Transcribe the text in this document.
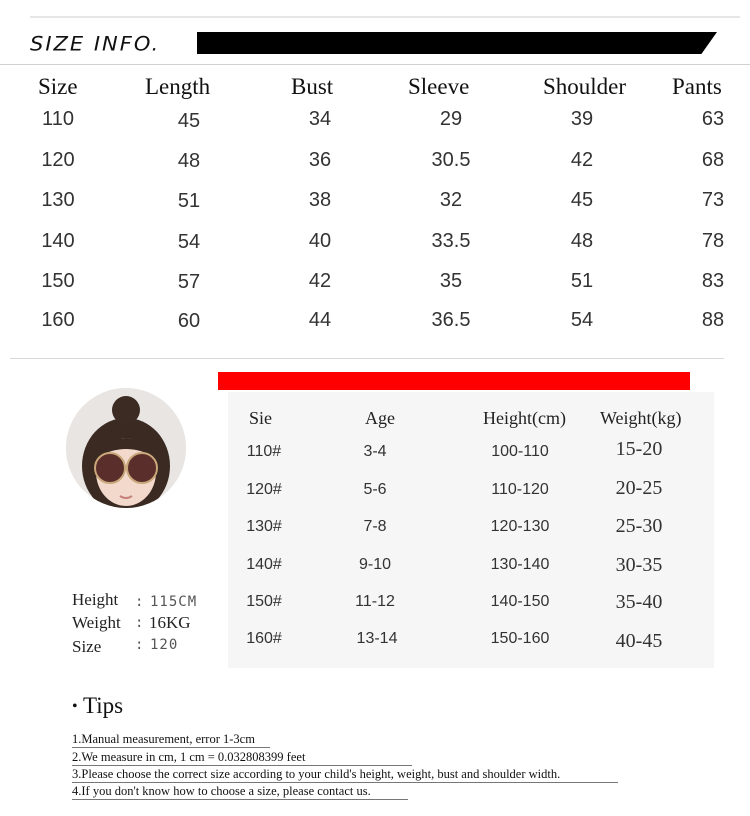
SIZE INFO.
Size	Length	Bust	Sleeve	Shoulder Pants
110	45	34	29	39	63
120	48	36	30.5	42	68
130	51	38	32	45	73
140	54	40	33.5	48	78
150	57	42	35	51	83
160	60	44	36.5	54	88
Height : 115CM
Weight : 16KG
Size : 120
Sie	Age	Height(cm) Weight(kg)
110#	3-4	100-110	15-20
120#	5-6	110-120	20-25
130#	7-8	120-130	25-30
140#	9-10	130-140	30-35
150#	11-12	140-150	35-40
160#	13-14	150-160	40-45
• Tips
1.Manual measurement, error 1-3cm
2.We measure in cm, 1 cm = 0.032808399 feet
3.Please choose the correct size according to your child's height, weight, bust and shoulder width.
4.If you don't know how to choose a size, please contact us.
